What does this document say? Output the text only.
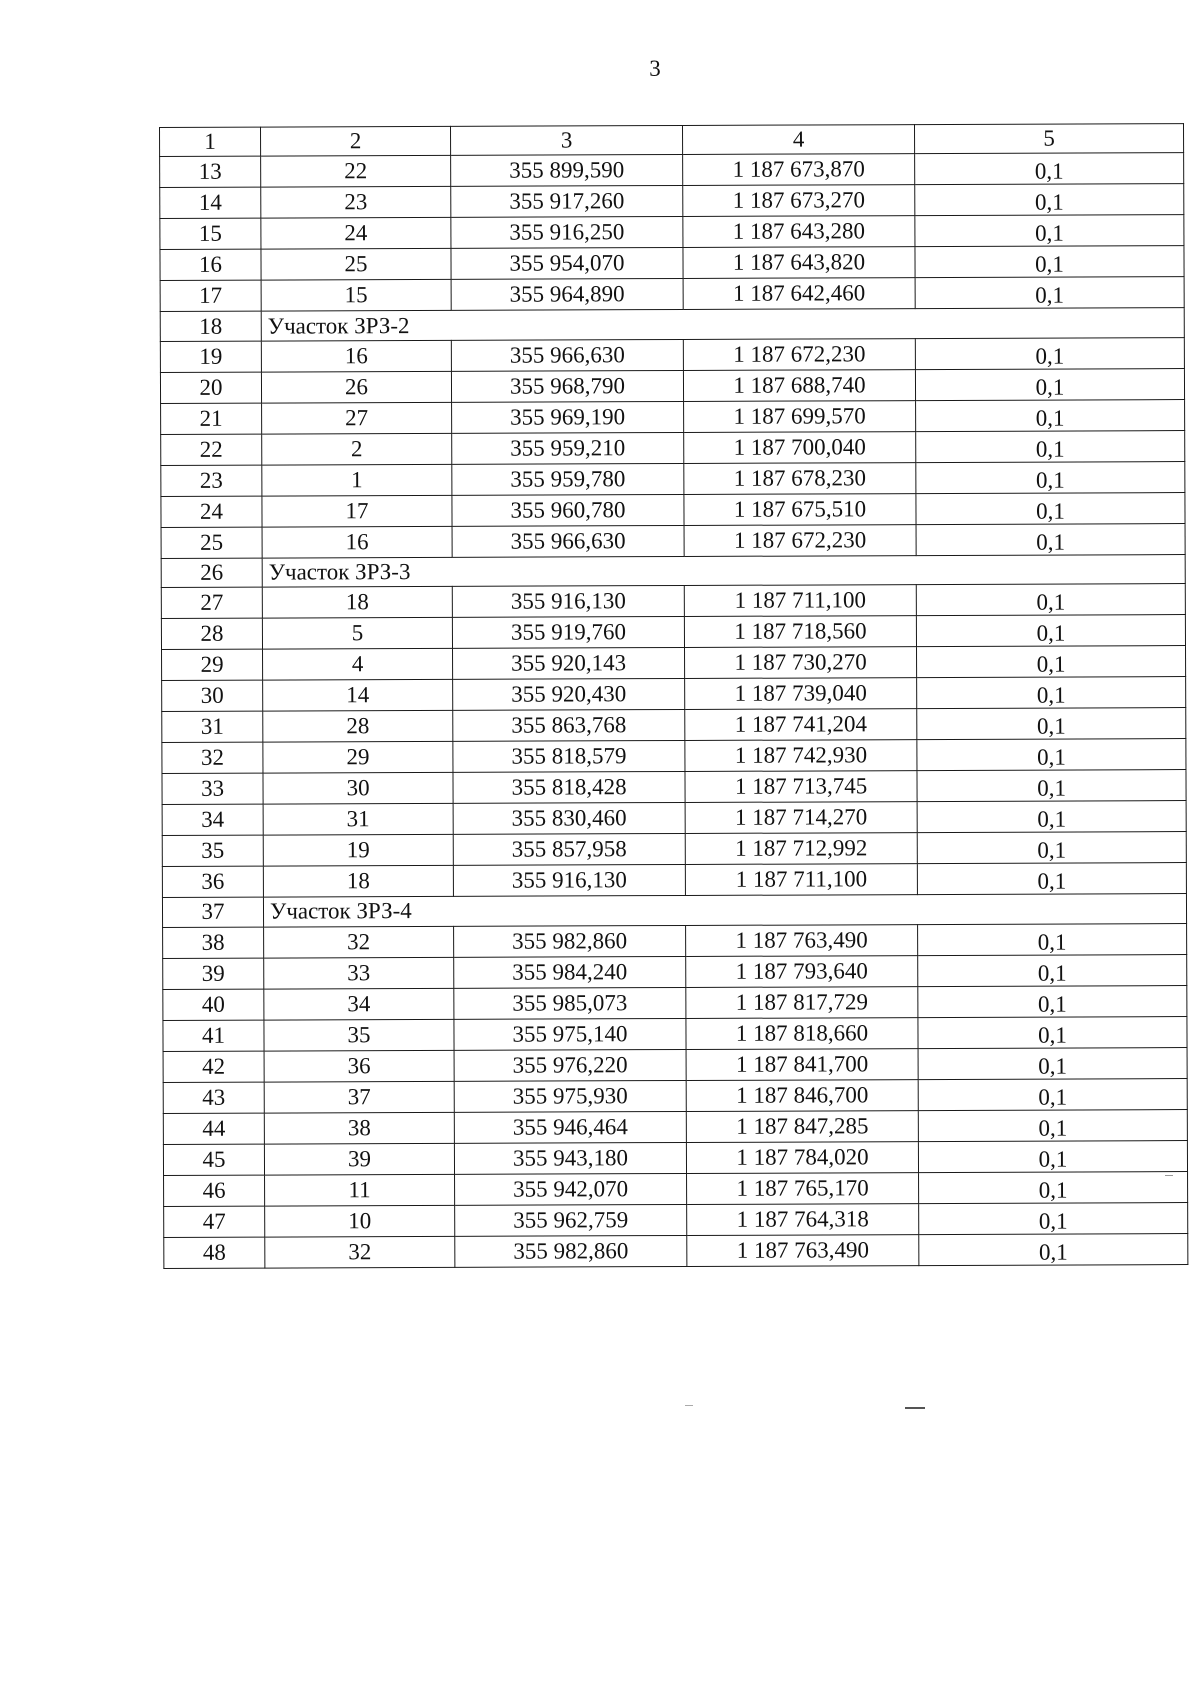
3
1	2	3	4	5
13	22	355 899,590	1 187 673,870	0,1
14	23	355 917,260	1 187 673,270	0,1
15	24	355 916,250	1 187 643,280	0,1
16	25	355 954,070	1 187 643,820	0,1
17	15	355 964,890	1 187 642,460	0,1
18	Участок ЗРЗ-2			
19	16	355 966,630	1 187 672,230	0,1
20	26	355 968,790	1 187 688,740	0,1
21	27	355 969,190	1 187 699,570	0,1
22	2	355 959,210	1 187 700,040	0,1
23	1	355 959,780	1 187 678,230	0,1
24	17	355 960,780	1 187 675,510	0,1
25	16	355 966,630	1 187 672,230	0,1
26	Участок ЗРЗ-3			
27	18	355 916,130	1 187 711,100	0,1
28	5	355 919,760	1 187 718,560	0,1
29	4	355 920,143	1 187 730,270	0,1
30	14	355 920,430	1 187 739,040	0,1
31	28	355 863,768	1 187 741,204	0,1
32	29	355 818,579	1 187 742,930	0,1
33	30	355 818,428	1 187 713,745	0,1
34	31	355 830,460	1 187 714,270	0,1
35	19	355 857,958	1 187 712,992	0,1
36	18	355 916,130	1 187 711,100	0,1
37	Участок ЗРЗ-4			
38	32	355 982,860	1 187 763,490	0,1
39	33	355 984,240	1 187 793,640	0,1
40	34	355 985,073	1 187 817,729	0,1
41	35	355 975,140	1 187 818,660	0,1
42	36	355 976,220	1 187 841,700	0,1
43	37	355 975,930	1 187 846,700	0,1
44	38	355 946,464	1 187 847,285	0,1
45	39	355 943,180	1 187 784,020	0,1
46	11	355 942,070	1 187 765,170	0,1
47	10	355 962,759	1 187 764,318	0,1
48	32	355 982,860	1 187 763,490	0,1
